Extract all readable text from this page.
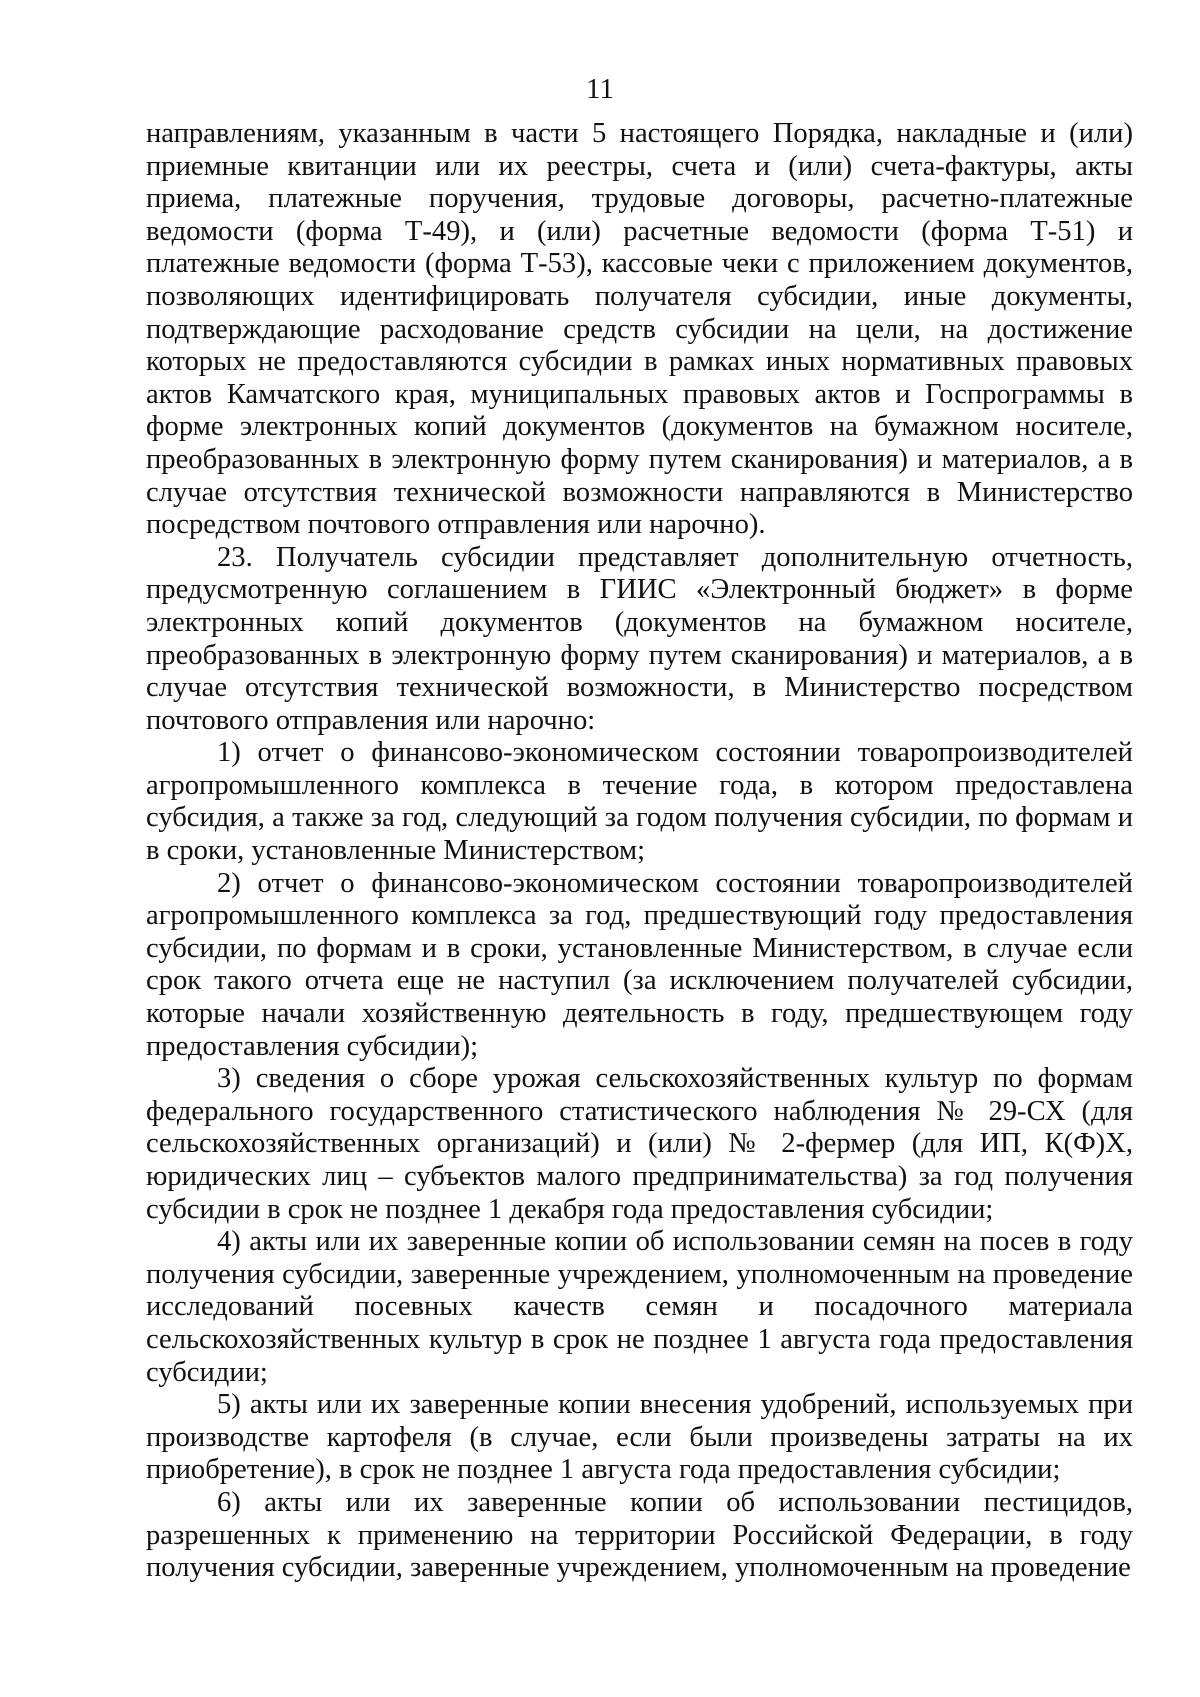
11

направлениям, указанным в части 5 настоящего Порядка, накладные и (или) приемные квитанции или их реестры, счета и (или) счета-фактуры, акты приема, платежные поручения, трудовые договоры, расчетно-платежные ведомости (форма Т-49), и (или) расчетные ведомости (форма Т-51) и платежные ведомости (форма Т-53), кассовые чеки с приложением документов, позволяющих идентифицировать получателя субсидии, иные документы, подтверждающие расходование средств субсидии на цели, на достижение которых не предоставляются субсидии в рамках иных нормативных правовых актов Камчатского края, муниципальных правовых актов и Госпрограммы в форме электронных копий документов (документов на бумажном носителе, преобразованных в электронную форму путем сканирования) и материалов, а в случае отсутствия технической возможности направляются в Министерство посредством почтового отправления или нарочно).

23. Получатель субсидии представляет дополнительную отчетность, предусмотренную соглашением в ГИИС «Электронный бюджет» в форме электронных копий документов (документов на бумажном носителе, преобразованных в электронную форму путем сканирования) и материалов, а в случае отсутствия технической возможности, в Министерство посредством почтового отправления или нарочно:

1) отчет о финансово-экономическом состоянии товаропроизводителей агропромышленного комплекса в течение года, в котором предоставлена субсидия, а также за год, следующий за годом получения субсидии, по формам и в сроки, установленные Министерством;

2) отчет о финансово-экономическом состоянии товаропроизводителей агропромышленного комплекса за год, предшествующий году предоставления субсидии, по формам и в сроки, установленные Министерством, в случае если срок такого отчета еще не наступил (за исключением получателей субсидии, которые начали хозяйственную деятельность в году, предшествующем году предоставления субсидии);

3) сведения о сборе урожая сельскохозяйственных культур по формам федерального государственного статистического наблюдения № 29-СХ (для сельскохозяйственных организаций) и (или) № 2-фермер (для ИП, К(Ф)Х, юридических лиц – субъектов малого предпринимательства) за год получения субсидии в срок не позднее 1 декабря года предоставления субсидии;

4) акты или их заверенные копии об использовании семян на посев в году получения субсидии, заверенные учреждением, уполномоченным на проведение исследований посевных качеств семян и посадочного материала сельскохозяйственных культур в срок не позднее 1 августа года предоставления субсидии;

5) акты или их заверенные копии внесения удобрений, используемых при производстве картофеля (в случае, если были произведены затраты на их приобретение), в срок не позднее 1 августа года предоставления субсидии;

6) акты или их заверенные копии об использовании пестицидов, разрешенных к применению на территории Российской Федерации, в году получения субсидии, заверенные учреждением, уполномоченным на проведение
